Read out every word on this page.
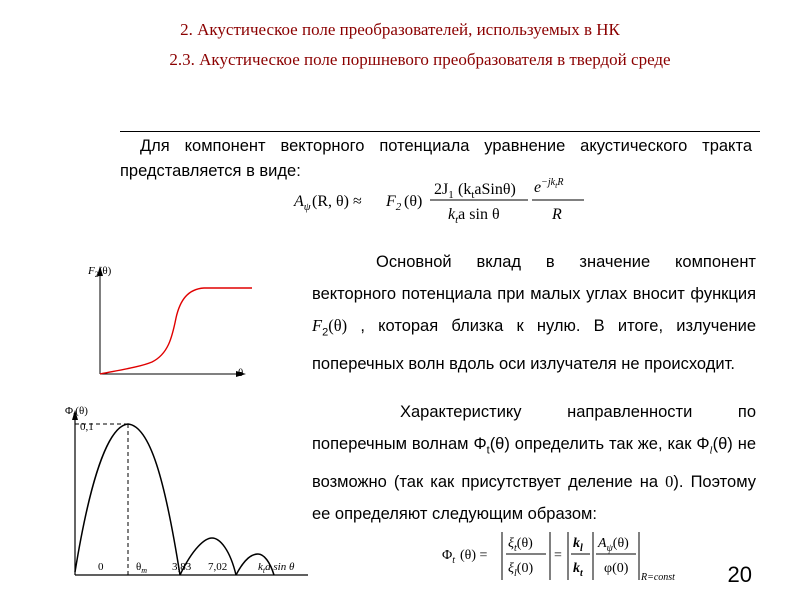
2. Акустическое поле преобразователей, используемых в НК
2.3. Акустическое поле поршневого преобразователя в твердой среде
Для компонент векторного потенциала уравнение акустического тракта представляется в виде:
$A_\psi$ (R, $\theta) \approx F_2$ (θ)
$2J_1$ $(k_taSin\theta)$
$k_ta$ sin θ
$e^{-jk}tR$
R
Основной вклад в значение компонент векторного потенциала при малых углах вносит функция $F_2(\theta)$ , которая близка к нулю. В итоге, излучение поперечных волн вдоль оси излучателя не происходит.
Характеристику направленности по поперечным волнам $\Phi_t(\theta)$ определить так же, как $\Phi_l(\theta)$ не возможно (так как присутствует деление на 0). Поэтому ее определяют следующим образом:
$\Phi_t$ (θ) =
$\xi_t(\theta)$
$\xi_l(0)$
=
$k_l$
$k_t$
$A_\psi(\theta)$
φ(0)
R=const
$F_2(\theta)$
θ
$\Phi_t(\theta)$
0,1
0	$\theta_m$ 3,83 7,02	$k_ta$ sin θ	20
